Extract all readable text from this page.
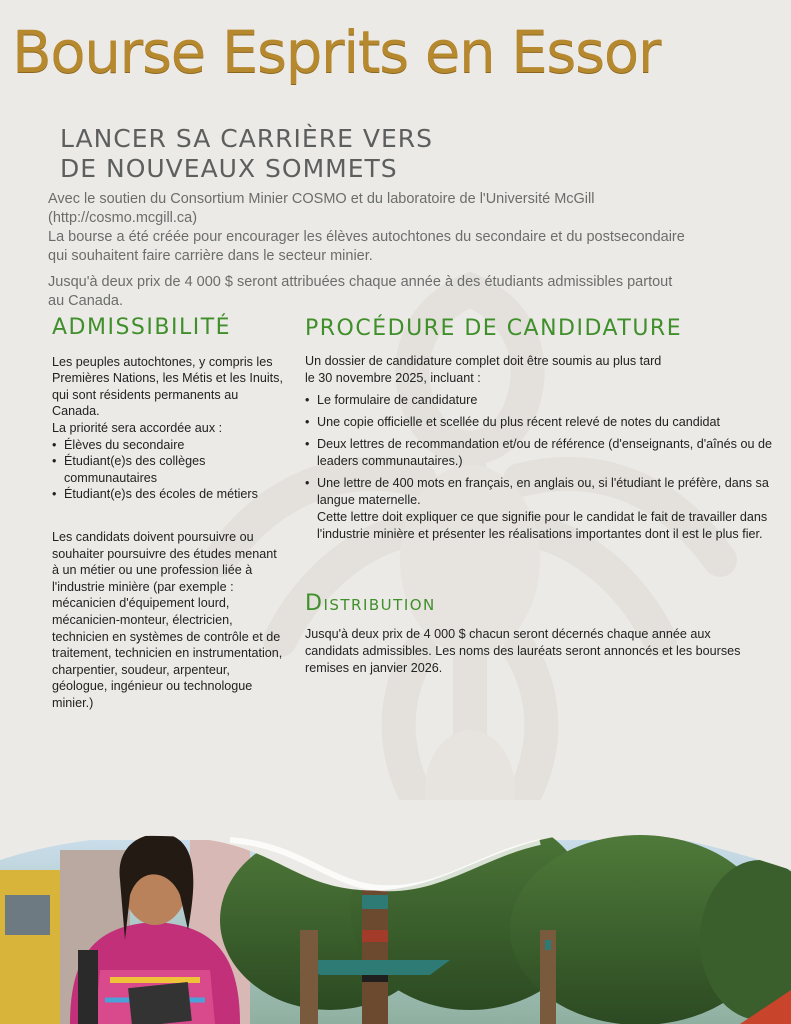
Bourse Esprits en Essor
LANCER SA CARRIÈRE VERS
DE NOUVEAUX SOMMETS

Avec le soutien du Consortium Minier COSMO et du laboratoire de l'Université McGill

(http://cosmo.mcgill.ca)

La bourse a été créée pour encourager les élèves autochtones du secondaire et du postsecondaire

qui souhaitent faire carrière dans le secteur minier.

Jusqu'à deux prix de 4 000 $ seront attribuées chaque année à des étudiants admissibles partout

au Canada.

ADMISSIBILITÉ

Les peuples autochtones, y compris les Premières Nations, les Métis et les Inuits, qui sont résidents permanents au Canada.

La priorité sera accordée aux :

• Élèves du secondaire
• Étudiant(e)s des collèges communautaires
• Étudiant(e)s des écoles de métiers

Les candidats doivent poursuivre ou souhaiter poursuivre des études menant à un métier ou une profession liée à l'industrie minière (par exemple : mécanicien d'équipement lourd, mécanicien-monteur, électricien, technicien en systèmes de contrôle et de traitement, technicien en instrumentation, charpentier, soudeur, arpenteur, géologue, ingénieur ou technologue minier.)

PROCÉDURE DE CANDIDATURE

Un dossier de candidature complet doit être soumis au plus tard

le 30 novembre 2025, incluant :

• Le formulaire de candidature
• Une copie officielle et scellée du plus récent relevé de notes du candidat
• Deux lettres de recommandation et/ou de référence (d'enseignants, d'aînés ou de leaders communautaires.)
• Une lettre de 400 mots en français, en anglais ou, si l'étudiant le préfère, dans sa langue maternelle.
Cette lettre doit expliquer ce que signifie pour le candidat le fait de travailler dans l'industrie minière et présenter les réalisations importantes dont il est le plus fier.
Distribution

Jusqu'à deux prix de 4 000 $ chacun seront décernés chaque année aux candidats admissibles. Les noms des lauréats seront annoncés et les bourses remises en janvier 2026.
